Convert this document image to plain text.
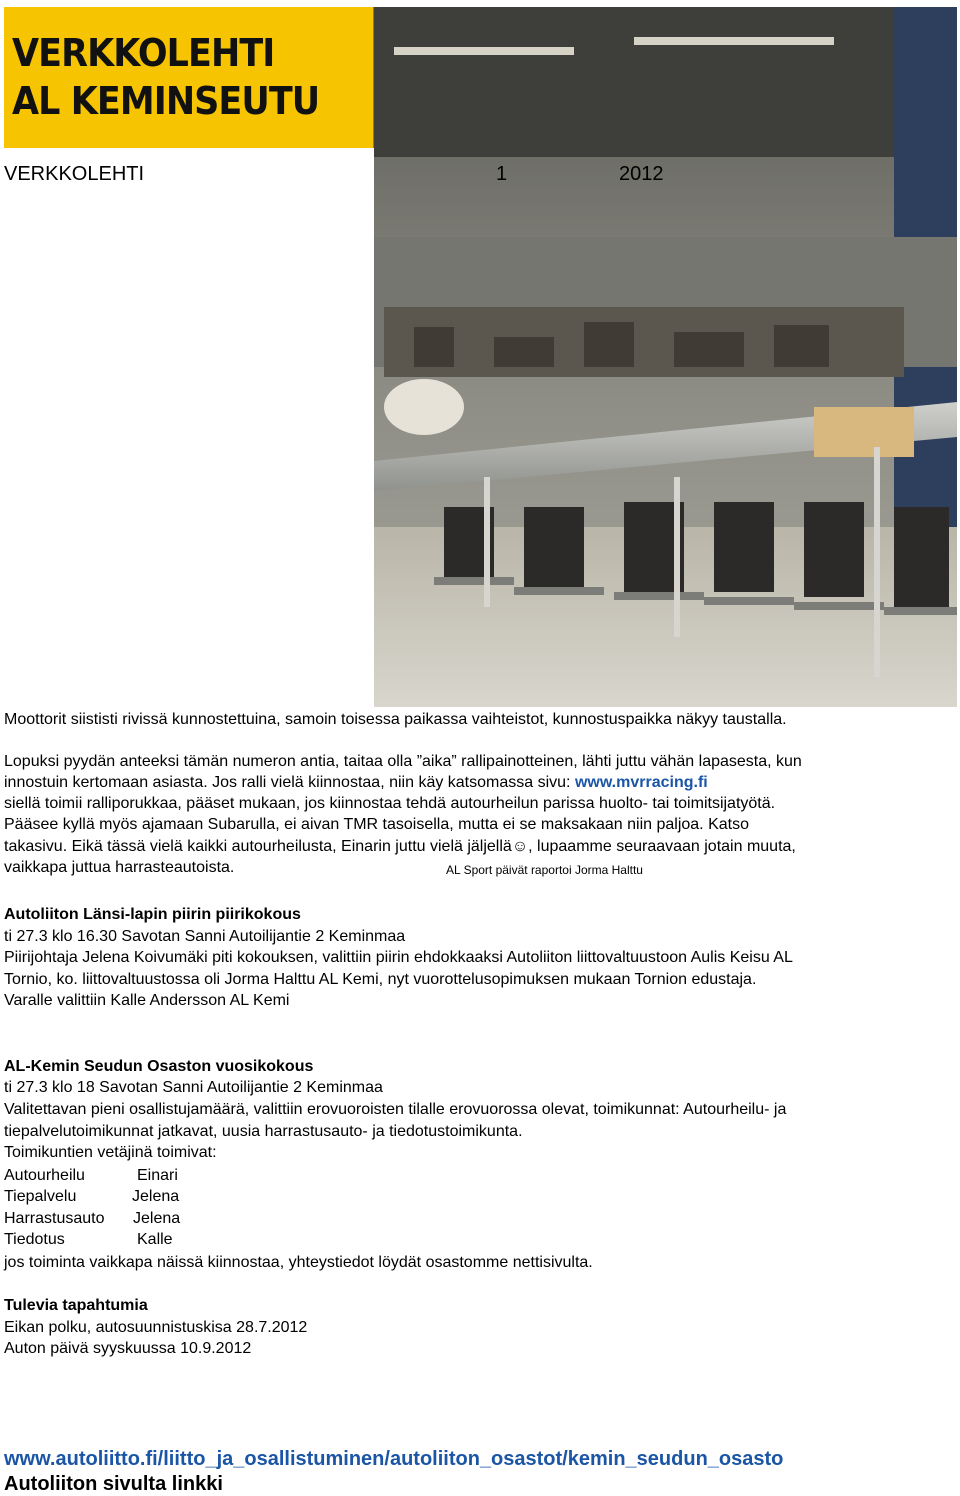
VERKKOLEHTI
AL KEMINSEUTU
VERKKOLEHTI	1	2012
Moottorit siististi rivissä kunnostettuina, samoin toisessa paikassa vaihteistot, kunnostuspaikka näkyy taustalla.
Lopuksi pyydän anteeksi tämän numeron antia, taitaa olla ”aika” rallipainotteinen, lähti juttu vähän lapasesta, kun
innostuin kertomaan asiasta. Jos ralli vielä kiinnostaa, niin käy katsomassa sivu: www.mvrracing.fi
siellä toimii ralliporukkaa, pääset mukaan, jos kiinnostaa tehdä autourheilun parissa huolto- tai toimitsijatyötä.
Pääsee kyllä myös ajamaan Subarulla, ei aivan TMR tasoisella, mutta ei se maksakaan niin paljoa. Katso
takasivu. Eikä tässä vielä kaikki autourheilusta, Einarin juttu vielä jäljellä☺, lupaamme seuraavaan jotain muuta,
vaikkapa juttua harrasteautoista.	AL Sport päivät raportoi Jorma Halttu
Autoliiton Länsi-lapin piirin piirikokous
ti 27.3 klo 16.30 Savotan Sanni Autoilijantie 2 Keminmaa
Piirijohtaja Jelena Koivumäki piti kokouksen, valittiin piirin ehdokkaaksi Autoliiton liittovaltuustoon Aulis Keisu AL
Tornio, ko. liittovaltuustossa oli Jorma Halttu AL Kemi, nyt vuorottelusopimuksen mukaan Tornion edustaja.
Varalle valittiin Kalle Andersson AL Kemi
AL-Kemin Seudun Osaston vuosikokous
ti 27.3 klo 18 Savotan Sanni Autoilijantie 2 Keminmaa
Valitettavan pieni osallistujamäärä, valittiin erovuoroisten tilalle erovuorossa olevat, toimikunnat: Autourheilu- ja
tiepalvelutoimikunnat jatkavat, uusia harrastusauto- ja tiedotustoimikunta.
Toimikuntien vetäjinä toimivat:
Autourheilu	Einari
Tiepalvelu	Jelena
Harrastusauto Jelena
Tiedotus	Kalle
jos toiminta vaikkapa näissä kiinnostaa, yhteystiedot löydät osastomme nettisivulta.
Tulevia tapahtumia
Eikan polku, autosuunnistuskisa 28.7.2012
Auton päivä syyskuussa 10.9.2012
www.autoliitto.fi/liitto_ja_osallistuminen/autoliiton_osastot/kemin_seudun_osasto
Autoliiton sivulta linkki
